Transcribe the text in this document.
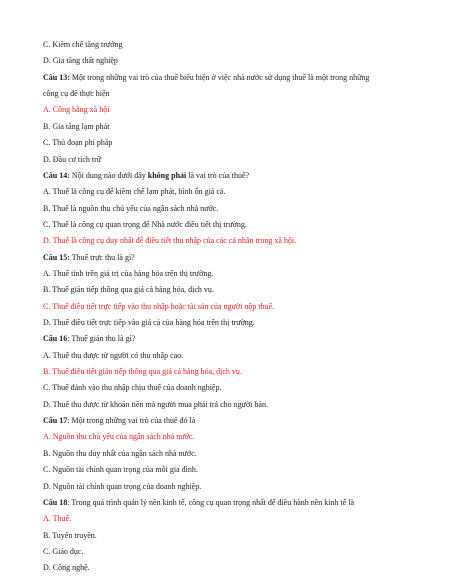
C. Kiềm chế tăng trưởng
D. Gia tăng thất nghiệp
Câu 13: Một trong những vai trò của thuế biểu hiện ở việc nhà nước sử dụng thuế là một trong những
công cụ để thực hiện
A. Công bằng xã hội
B. Gia tăng lạm phát
C. Thủ đoạn phi pháp
D. Đầu cơ tích trữ
Câu 14: Nội dung nào dưới đây không phải là vai trò của thuế?
A. Thuế là công cụ để kiềm chế lạm phát, bình ổn giá cả.
B. Thuế là nguồn thu chủ yếu của ngân sách nhà nước.
C. Thuế là công cụ quan trọng để Nhà nước điều tiết thị trường.
D. Thuế là công cụ duy nhất để điều tiết thu nhập của các cá nhân trong xã hội.
Câu 15: Thuế trực thu là gì?
A. Thuế tính trên giá trị của hàng hóa trên thị trường.
B. Thuế gián tiếp thông qua giá cả hàng hóa, dịch vụ.
C. Thuế điều tiết trực tiếp vào thu nhập hoặc tài sản của người nộp thuế.
D. Thuế điều tiết trực tiếp vào giá cả của hàng hóa trên thị trường.
Câu 16: Thuế gián thu là gì?
A. Thuế thu được từ người có thu nhập cao.
B. Thuế điều tiết gián tiếp thông qua giá cả hàng hóa, dịch vụ.
C. Thuế đánh vào thu nhập chịu thuế của doanh nghiệp.
D. Thuế thu được từ khoản tiền mà người mua phải trả cho người bán.
Câu 17: Một trong những vai trò của thuế đó là
A. Nguồn thu chủ yếu của ngân sách nhà nước.
B. Nguồn thu duy nhất của ngân sách nhà nước.
C. Nguồn tài chính quan trọng của mỗi gia đình.
D. Nguồn tài chính quan trọng của doanh nghiệp.
Câu 18: Trong quá trình quản lý nền kinh tế, công cụ quan trọng nhất để điều hành nền kinh tế là
A. Thuế.
B. Tuyên truyền.
C. Giáo dục.
D. Công nghệ.
